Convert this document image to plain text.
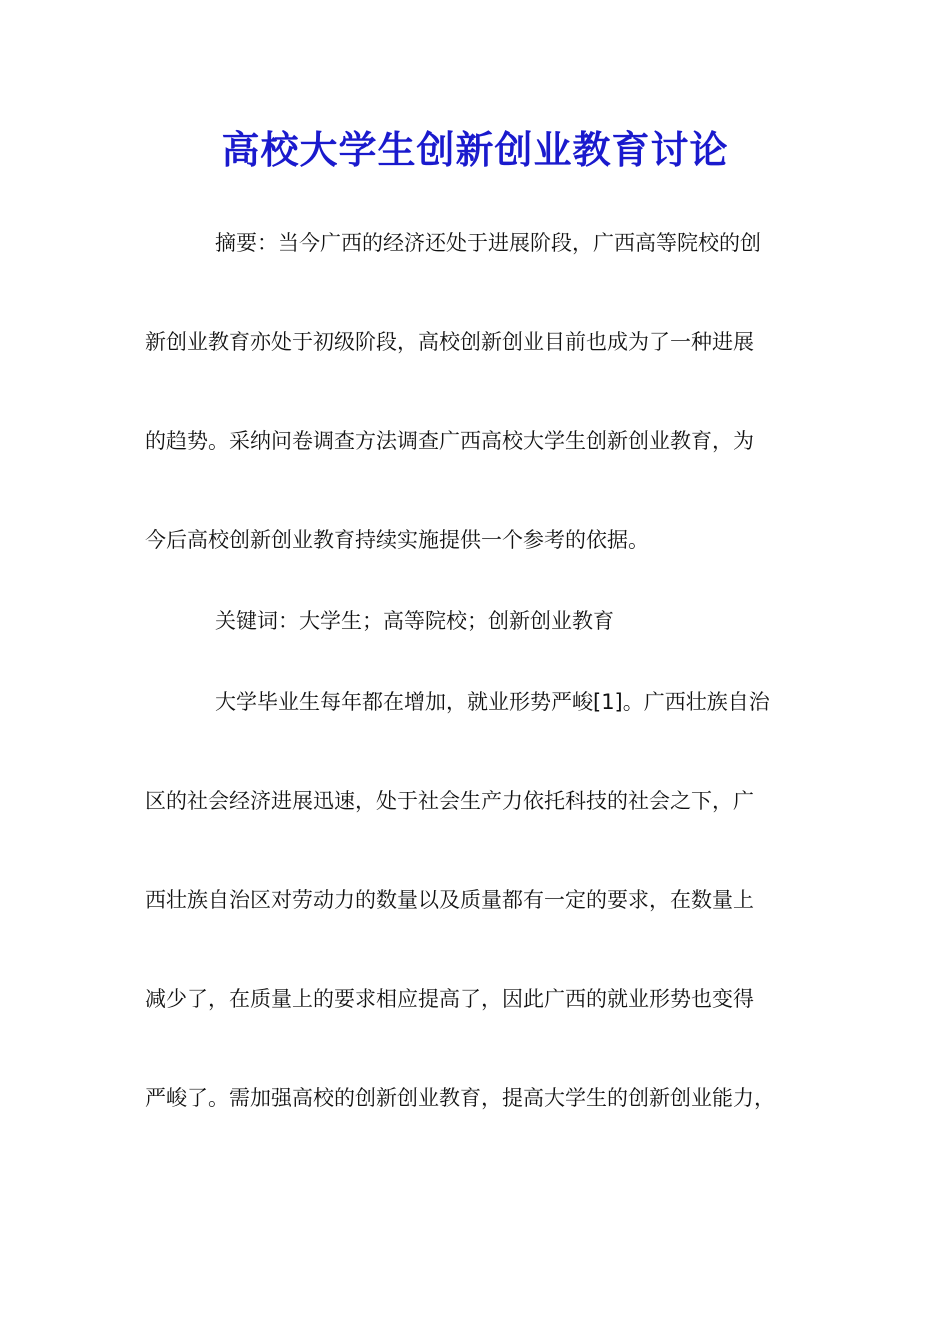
高校大学生创新创业教育讨论

摘要：当今广西的经济还处于进展阶段，广西高等院校的创

新创业教育亦处于初级阶段，高校创新创业目前也成为了一种进展

的趋势。采纳问卷调查方法调查广西高校大学生创新创业教育，为

今后高校创新创业教育持续实施提供一个参考的依据。

关键词：大学生；高等院校；创新创业教育

大学毕业生每年都在增加，就业形势严峻[1]。广西壮族自治

区的社会经济进展迅速，处于社会生产力依托科技的社会之下，广

西壮族自治区对劳动力的数量以及质量都有一定的要求，在数量上

减少了，在质量上的要求相应提高了，因此广西的就业形势也变得

严峻了。需加强高校的创新创业教育，提高大学生的创新创业能力，
